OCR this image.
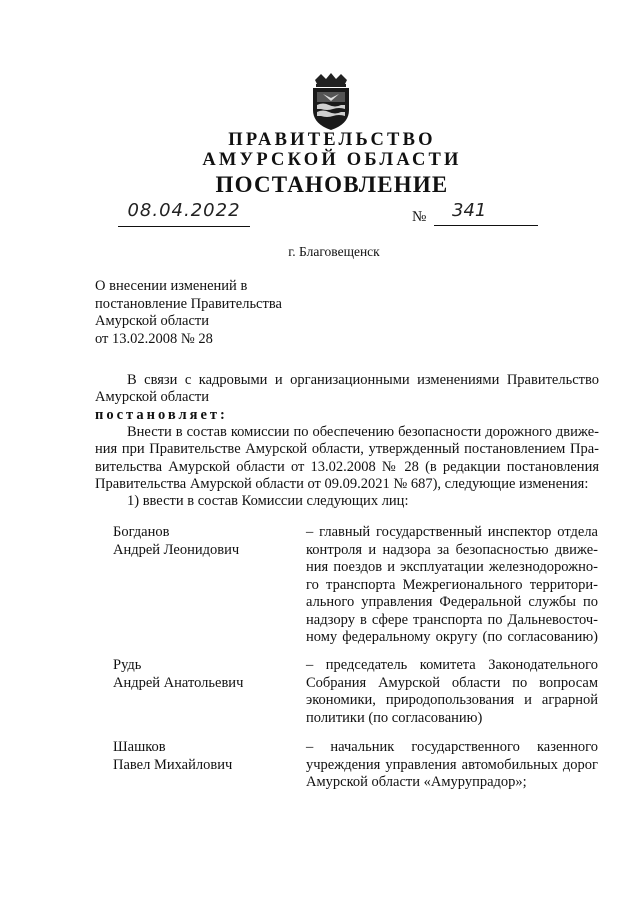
ПРАВИТЕЛЬСТВО
АМУРСКОЙ ОБЛАСТИ
ПОСТАНОВЛЕНИЕ
08.04.2022	№	341
г. Благовещенск
О внесении изменений в
постановление Правительства
Амурской области
от 13.02.2008 № 28
В связи с кадровыми и организационными изменениями Правительство
Амурской области
постановляет:
Внести в состав комиссии по обеспечению безопасности дорожного движе-
ния при Правительстве Амурской области, утвержденный постановлением Пра-
вительства Амурской области от 13.02.2008 № 28 (в редакции постановления
Правительства Амурской области от 09.09.2021 № 687), следующие изменения:
1) ввести в состав Комиссии следующих лиц:
Богданов
Андрей Леонидович
– главный государственный инспектор отдела
контроля и надзора за безопасностью движе-
ния поездов и эксплуатации железнодорожно-
го транспорта Межрегионального территори-
ального управления Федеральной службы по
надзору в сфере транспорта по Дальневосточ-
ному федеральному округу (по согласованию)
Рудь
Андрей Анатольевич
– председатель комитета Законодательного
Собрания Амурской области по вопросам
экономики, природопользования и аграрной
политики (по согласованию)
Шашков
Павел Михайлович
– начальник государственного казенного
учреждения управления автомобильных дорог
Амурской области «Амурупрадор»;
